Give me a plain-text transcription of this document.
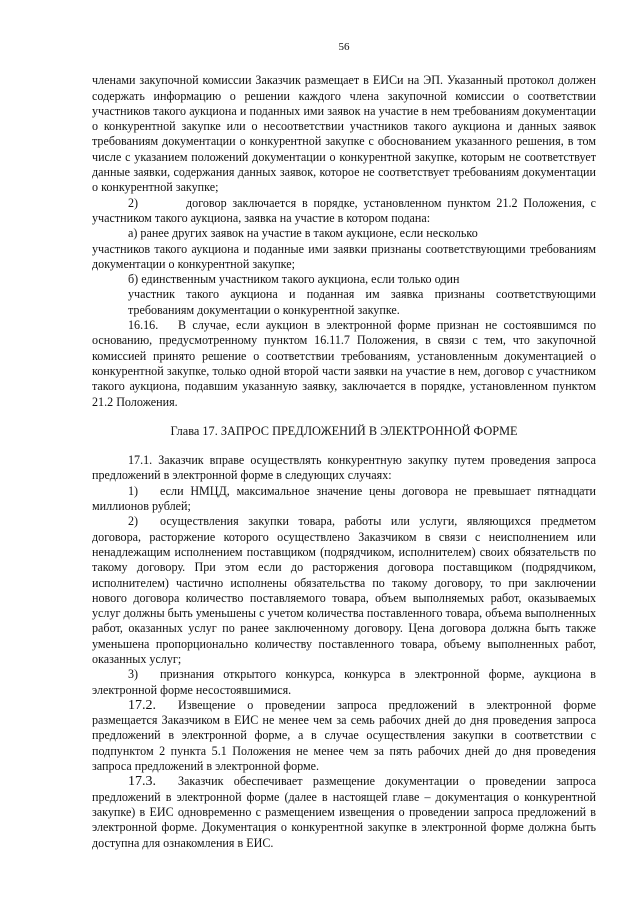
56

членами закупочной комиссии Заказчик размещает в ЕИСи на ЭП. Указанный протокол должен содержать информацию о решении каждого члена закупочной комиссии о соответствии участников такого аукциона и поданных ими заявок на участие в нем требованиям документации о конкурентной закупке или о несоответствии участников такого аукциона и данных заявок требованиям документации о конкурентной закупке с обоснованием указанного решения, в том числе с указанием положений документации о конкурентной закупке, которым не соответствует данные заявки, содержания данных заявок, которое не соответствует требованиям документации о конкурентной закупке;

2)	договор заключается в порядке, установленном пунктом 21.2 Положения, с участником такого аукциона, заявка на участие в котором подана:

а) ранее других заявок на участие в таком аукционе, если несколько

участников такого аукциона и поданные ими заявки признаны соответствующими требованиям документации о конкурентной закупке;

б) единственным участником такого аукциона, если только один

участник такого аукциона и поданная им заявка признаны соответствующими требованиям документации о конкурентной закупке.

16.16. В случае, если аукцион в электронной форме признан не состоявшимся по основанию, предусмотренному пунктом 16.11.7 Положения, в связи с тем, что закупочной комиссией принято решение о соответствии требованиям, установленным документацией о конкурентной закупке, только одной второй части заявки на участие в нем, договор с участником такого аукциона, подавшим указанную заявку, заключается в порядке, установленном пунктом 21.2 Положения.

Глава 17. ЗАПРОС ПРЕДЛОЖЕНИЙ В ЭЛЕКТРОННОЙ ФОРМЕ

17.1. Заказчик вправе осуществлять конкурентную закупку путем проведения запроса предложений в электронной форме в следующих случаях:

1) если НМЦД, максимальное значение цены договора не превышает пятнадцати миллионов рублей;

2) осуществления закупки товара, работы или услуги, являющихся предметом договора, расторжение которого осуществлено Заказчиком в связи с неисполнением или ненадлежащим исполнением поставщиком (подрядчиком, исполнителем) своих обязательств по такому договору. При этом если до расторжения договора поставщиком (подрядчиком, исполнителем) частично исполнены обязательства по такому договору, то при заключении нового договора количество поставляемого товара, объем выполняемых работ, оказываемых услуг должны быть уменьшены с учетом количества поставленного товара, объема выполненных работ, оказанных услуг по ранее заключенному договору. Цена договора должна быть также уменьшена пропорционально количеству поставленного товара, объему выполненных работ, оказанных услуг;

3) признания открытого конкурса, конкурса в электронной форме, аукциона в электронной форме несостоявшимися.

17.2. Извещение о проведении запроса предложений в электронной форме размещается Заказчиком в ЕИС не менее чем за семь рабочих дней до дня проведения запроса предложений в электронной форме, а в случае осуществления закупки в соответствии с подпунктом 2 пункта 5.1 Положения не менее чем за пять рабочих дней до дня проведения запроса предложений в электронной форме.

17.3. Заказчик обеспечивает размещение документации о проведении запроса предложений в электронной форме (далее в настоящей главе – документация о конкурентной закупке) в ЕИС одновременно с размещением извещения о проведении запроса предложений в электронной форме. Документация о конкурентной закупке в электронной форме должна быть доступна для ознакомления в ЕИС.
